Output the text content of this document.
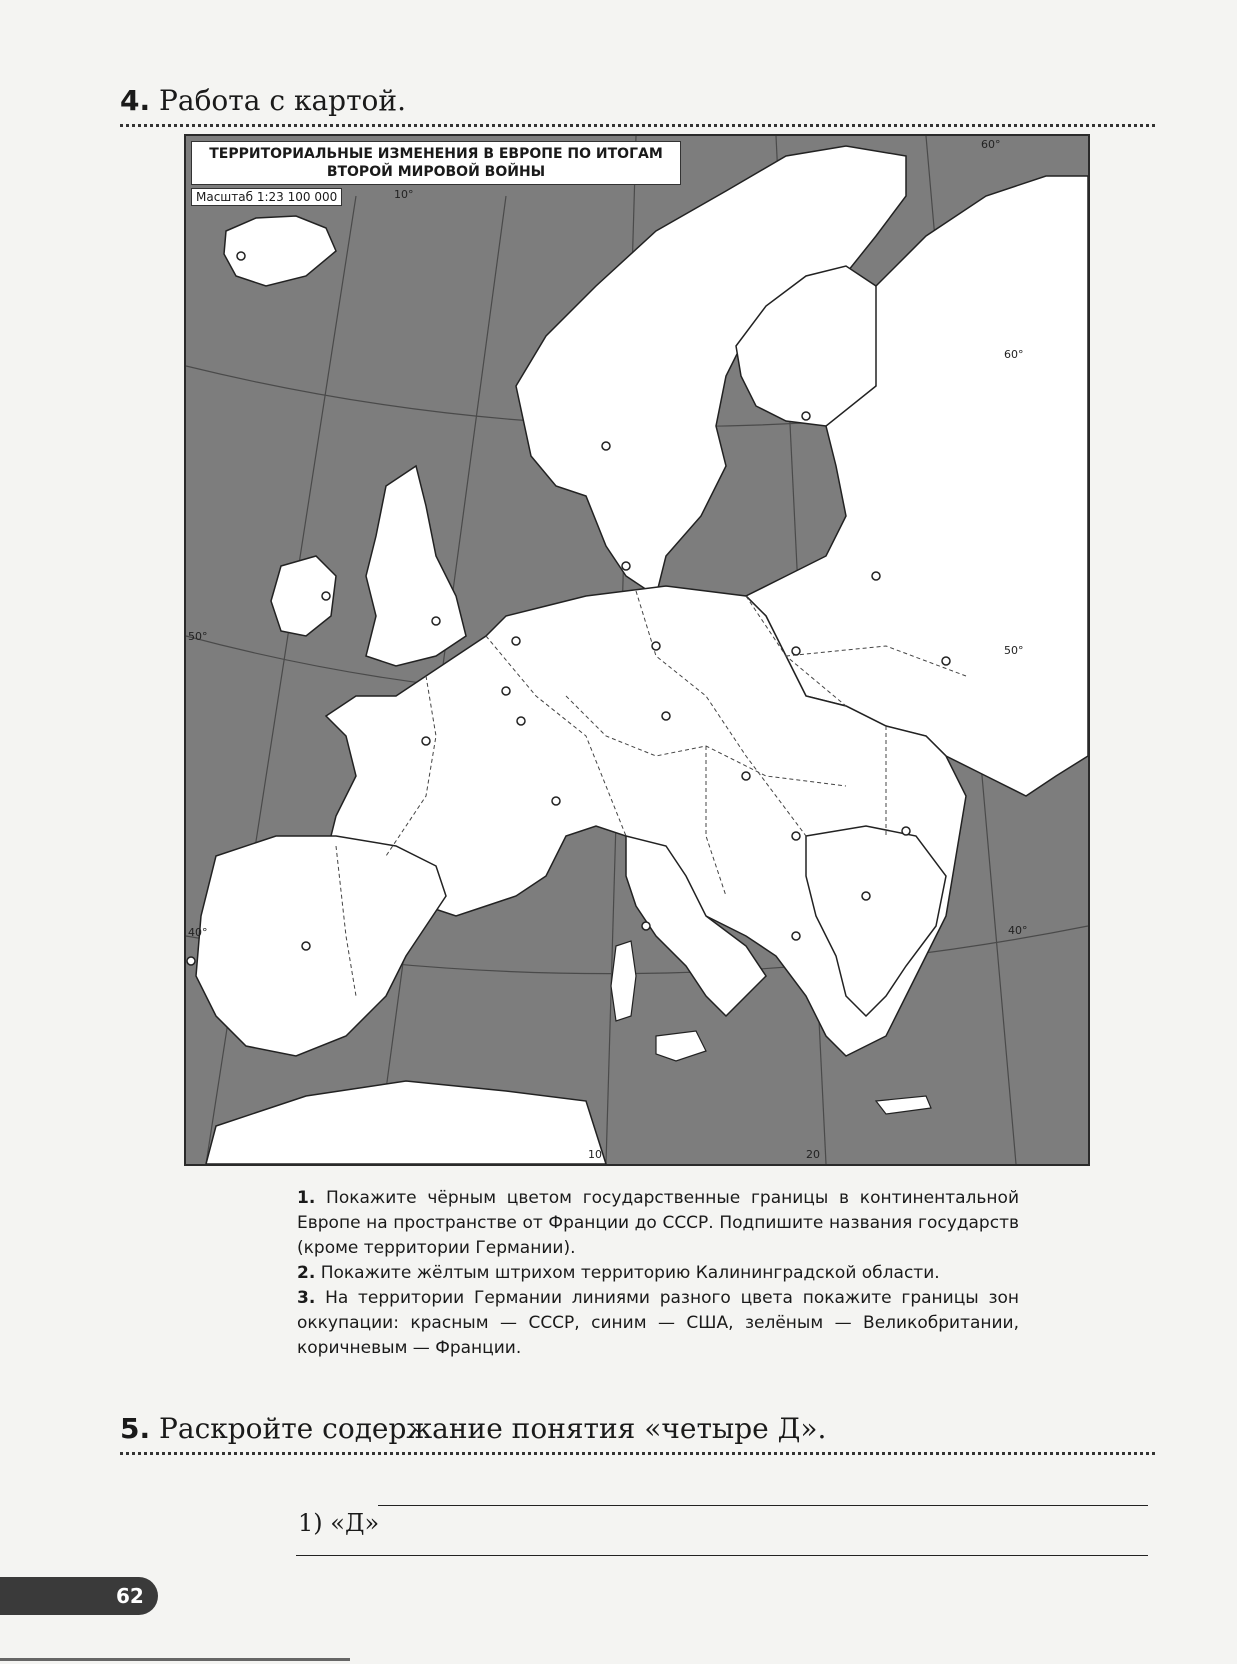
4. Работа с картой.
ТЕРРИТОРИАЛЬНЫЕ ИЗМЕНЕНИЯ В ЕВРОПЕ ПО ИТОГАМ ВТОРОЙ МИРОВОЙ ВОЙНЫ
Масштаб 1:23 100 000
60°
60°
50°
40°
50°
40°
10	20
10°

1. Покажите чёрным цветом государственные границы в континентальной Европе на пространстве от Франции до СССР. Подпишите названия государств (кроме территории Германии).

2. Покажите жёлтым штрихом территорию Калининградской области.

3. На территории Германии линиями разного цвета покажите границы зон оккупации: красным — СССР, синим — США, зелёным — Великобритании, коричневым — Франции.

5. Раскройте содержание понятия «четыре Д».
1) «Д»
62
